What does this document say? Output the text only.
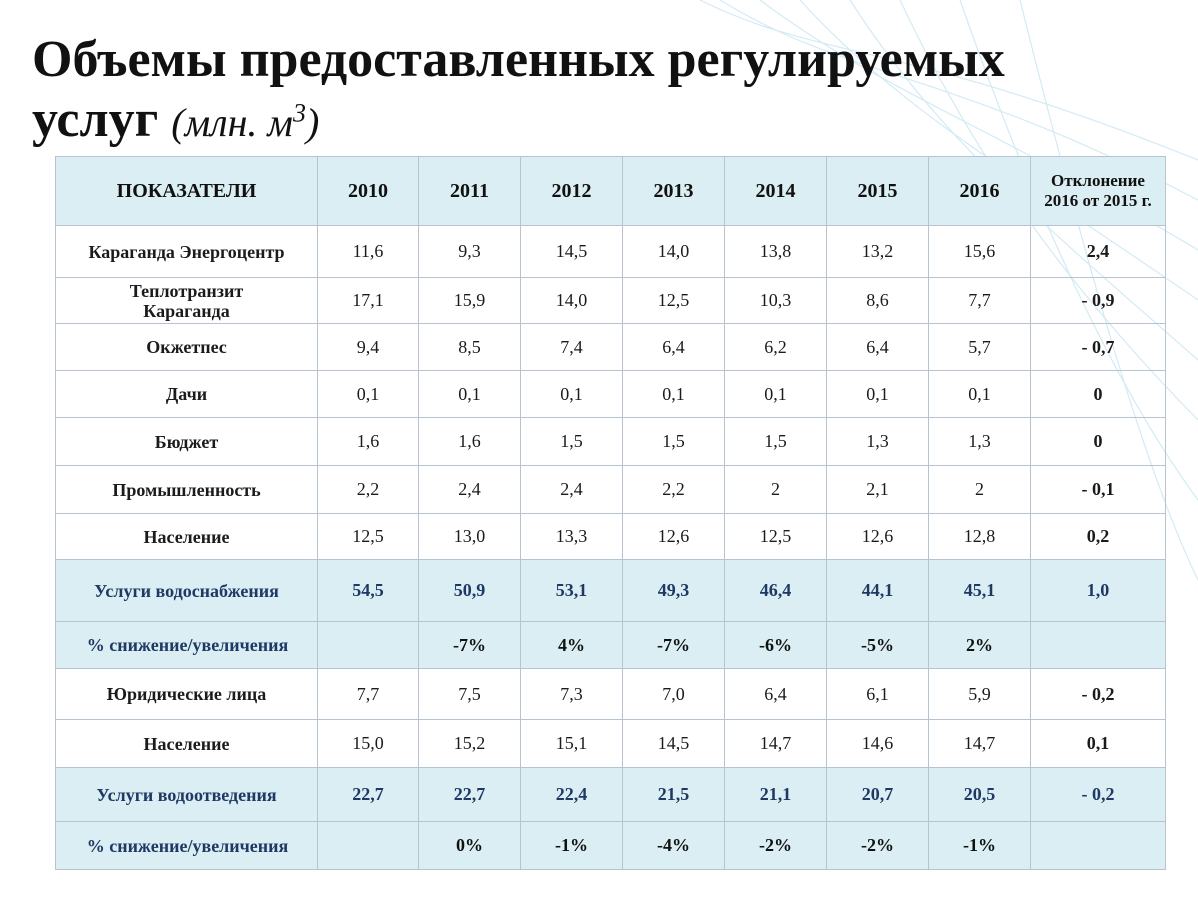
Объемы предоставленных регулируемых
услуг (млн. $м^3$)
ПОКАЗАТЕЛИ	2010	2011	2012	2013	2014	2015	2016	Отклонение
2016 от 2015 г.
Караганда Энергоцентр	11,6	9,3	14,5	14,0	13,8	13,2	15,6	2,4
Теплотранзит
Караганда	17,1	15,9	14,0	12,5	10,3	8,6	7,7	- 0,9
Окжетпес	9,4	8,5	7,4	6,4	6,2	6,4	5,7	- 0,7
Дачи	0,1	0,1	0,1	0,1	0,1	0,1	0,1	0
Бюджет	1,6	1,6	1,5	1,5	1,5	1,3	1,3	0
Промышленность	2,2	2,4	2,4	2,2	2	2,1	2	- 0,1
Население	12,5	13,0	13,3	12,6	12,5	12,6	12,8	0,2
Услуги водоснабжения	54,5	50,9	53,1	49,3	46,4	44,1	45,1	1,0
% снижение/увеличения		-7%	4%	-7%	-6%	-5%	2%	
Юридические лица	7,7	7,5	7,3	7,0	6,4	6,1	5,9	- 0,2
Население	15,0	15,2	15,1	14,5	14,7	14,6	14,7	0,1
Услуги водоотведения	22,7	22,7	22,4	21,5	21,1	20,7	20,5	- 0,2
% снижение/увеличения		0%	-1%	-4%	-2%	-2%	-1%	
